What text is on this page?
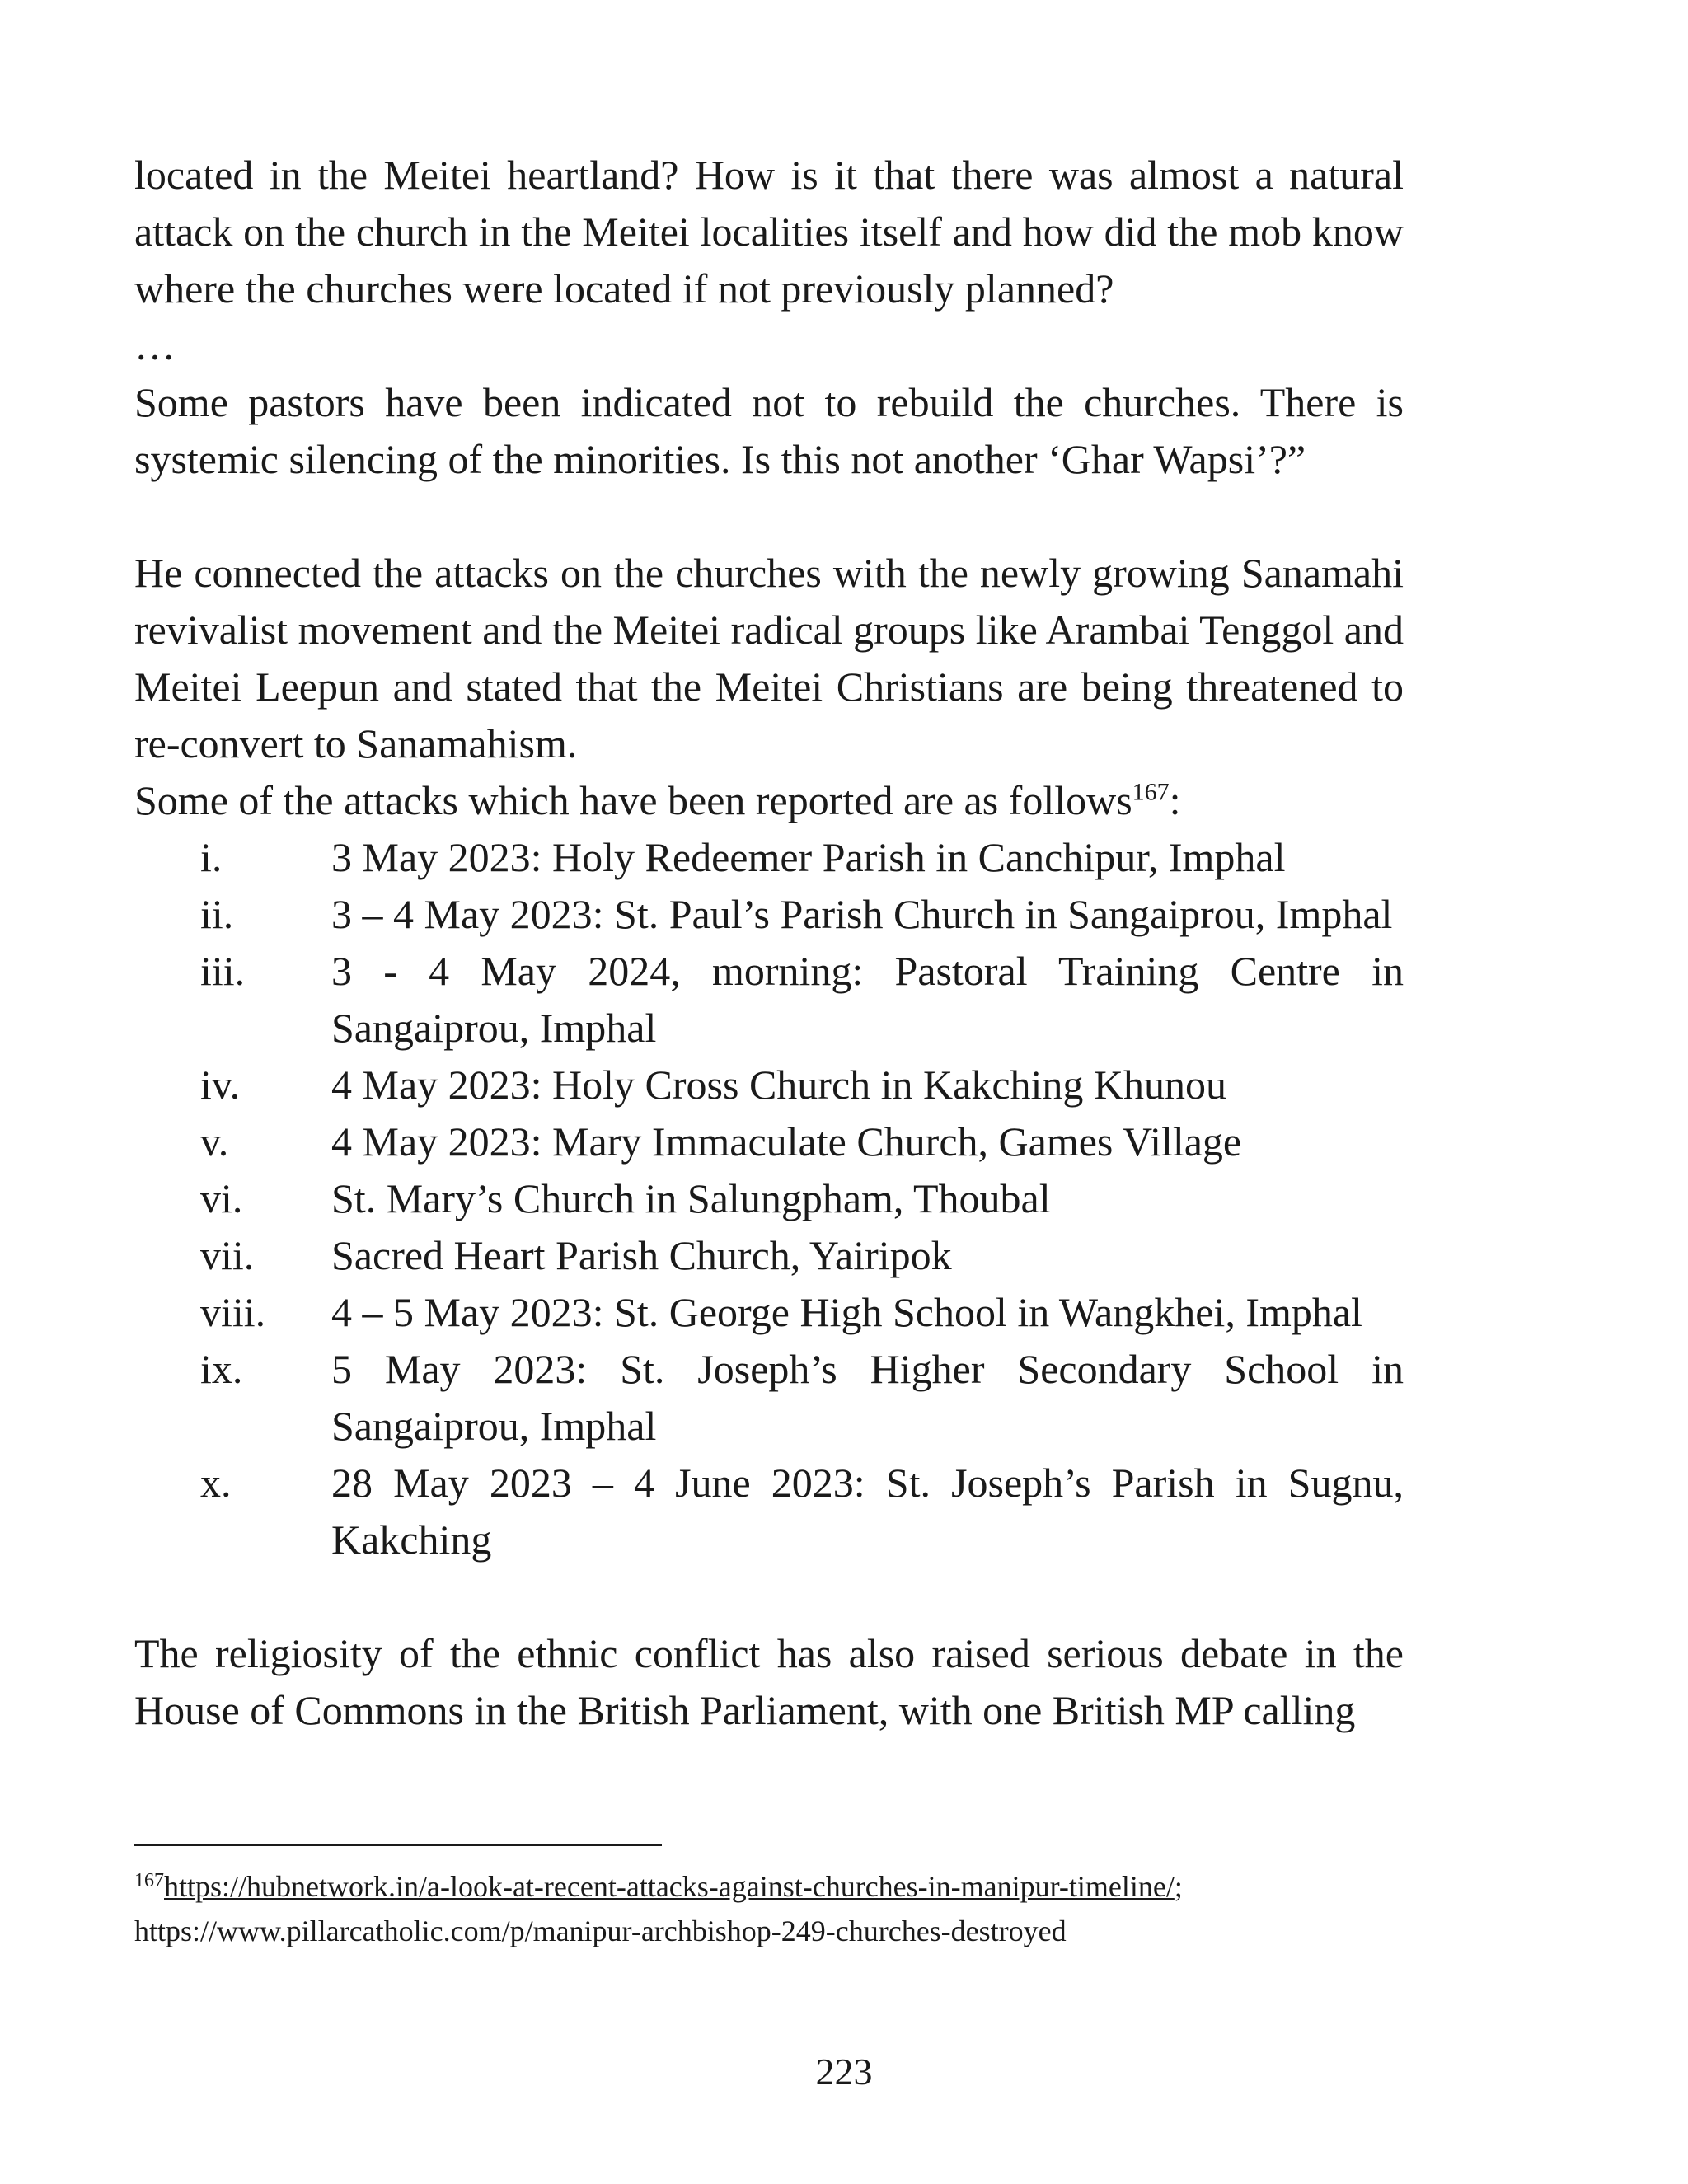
located in the Meitei heartland? How is it that there was almost a natural attack on the church in the Meitei localities itself and how did the mob know where the churches were located if not previously planned?

…

Some pastors have been indicated not to rebuild the churches. There is systemic silencing of the minorities. Is this not another ‘Ghar Wapsi’?”

He connected the attacks on the churches with the newly growing Sanamahi revivalist movement and the Meitei radical groups like Arambai Tenggol and Meitei Leepun and stated that the Meitei Christians are being threatened to re-convert to Sanamahism.

Some of the attacks which have been reported are as follows$^{167}$:

i.	3 May 2023: Holy Redeemer Parish in Canchipur, Imphal
ii.	3 – 4 May 2023: St. Paul’s Parish Church in Sangaiprou, Imphal
iii.	3 - 4 May 2024, morning: Pastoral Training Centre in Sangaiprou, Imphal
iv.	4 May 2023: Holy Cross Church in Kakching Khunou
v.	4 May 2023: Mary Immaculate Church, Games Village
vi.	St. Mary’s Church in Salungpham, Thoubal
vii.	Sacred Heart Parish Church, Yairipok
viii.	4 – 5 May 2023: St. George High School in Wangkhei, Imphal
ix.	5 May 2023: St. Joseph’s Higher Secondary School in Sangaiprou, Imphal
x.	28 May 2023 – 4 June 2023: St. Joseph’s Parish in Sugnu, Kakching

The religiosity of the ethnic conflict has also raised serious debate in the House of Commons in the British Parliament, with one British MP calling

$^{167}$https://hubnetwork.in/a-look-at-recent-attacks-against-churches-in-manipur-timeline/;
https://www.pillarcatholic.com/p/manipur-archbishop-249-churches-destroyed
223
